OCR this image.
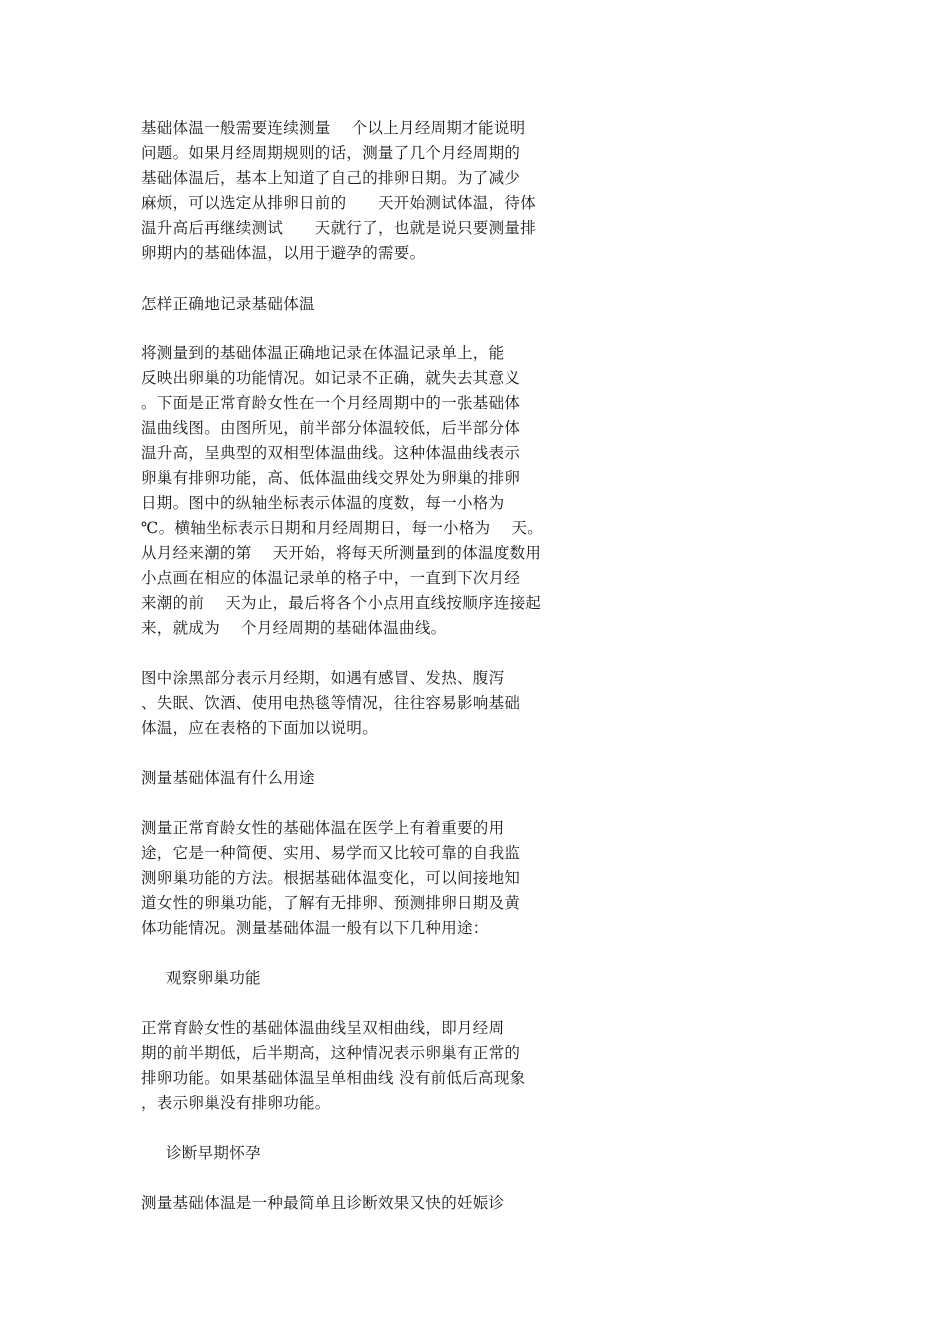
基础体温一般需要连续测量　 个以上月经周期才能说明
问题。如果月经周期规则的话，测量了几个月经周期的
基础体温后，基本上知道了自己的排卵日期。为了减少
麻烦，可以选定从排卵日前的　　天开始测试体温，待体
温升高后再继续测试　　天就行了，也就是说只要测量排
卵期内的基础体温，以用于避孕的需要。
怎样正确地记录基础体温
将测量到的基础体温正确地记录在体温记录单上，能
反映出卵巢的功能情况。如记录不正确，就失去其意义
。下面是正常育龄女性在一个月经周期中的一张基础体
温曲线图。由图所见，前半部分体温较低，后半部分体
温升高，呈典型的双相型体温曲线。这种体温曲线表示
卵巢有排卵功能，高、低体温曲线交界处为卵巢的排卵
日期。图中的纵轴坐标表示体温的度数，每一小格为
℃。横轴坐标表示日期和月经周期日，每一小格为　 天。
从月经来潮的第　 天开始，将每天所测量到的体温度数用
小点画在相应的体温记录单的格子中，一直到下次月经
来潮的前　 天为止，最后将各个小点用直线按顺序连接起
来，就成为　 个月经周期的基础体温曲线。
图中涂黑部分表示月经期，如遇有感冒、发热、腹泻
、失眠、饮酒、使用电热毯等情况，往往容易影响基础
体温，应在表格的下面加以说明。
测量基础体温有什么用途
测量正常育龄女性的基础体温在医学上有着重要的用
途，它是一种简便、实用、易学而又比较可靠的自我监
测卵巢功能的方法。根据基础体温变化，可以间接地知
道女性的卵巢功能，了解有无排卵、预测排卵日期及黄
体功能情况。测量基础体温一般有以下几种用途：
观察卵巢功能
正常育龄女性的基础体温曲线呈双相曲线，即月经周
期的前半期低，后半期高，这种情况表示卵巢有正常的
排卵功能。如果基础体温呈单相曲线 没有前低后高现象
，表示卵巢没有排卵功能。
诊断早期怀孕
测量基础体温是一种最简单且诊断效果又快的妊娠诊
